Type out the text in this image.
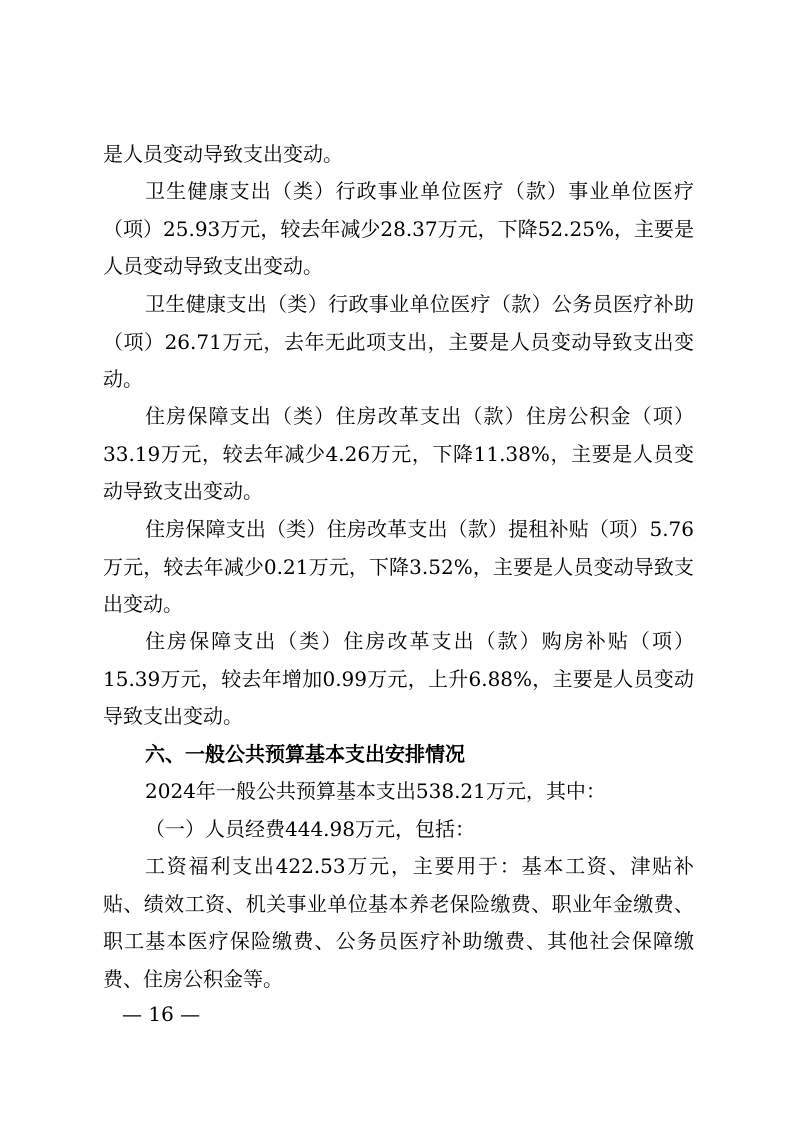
是人员变动导致支出变动。

卫生健康支出（类）行政事业单位医疗（款）事业单位医疗（项）25.93万元，较去年减少28.37万元，下降52.25%，主要是人员变动导致支出变动。

卫生健康支出（类）行政事业单位医疗（款）公务员医疗补助（项）26.71万元，去年无此项支出，主要是人员变动导致支出变动。

住房保障支出（类）住房改革支出（款）住房公积金（项）33.19万元，较去年减少4.26万元，下降11.38%，主要是人员变动导致支出变动。

住房保障支出（类）住房改革支出（款）提租补贴（项）5.76万元，较去年减少0.21万元，下降3.52%，主要是人员变动导致支出变动。

住房保障支出（类）住房改革支出（款）购房补贴（项）15.39万元，较去年增加0.99万元，上升6.88%，主要是人员变动导致支出变动。

六、一般公共预算基本支出安排情况

2024年一般公共预算基本支出538.21万元，其中：

（一）人员经费444.98万元，包括：

工资福利支出422.53万元，主要用于：基本工资、津贴补贴、绩效工资、机关事业单位基本养老保险缴费、职业年金缴费、职工基本医疗保险缴费、公务员医疗补助缴费、其他社会保障缴费、住房公积金等。

— 16 —
